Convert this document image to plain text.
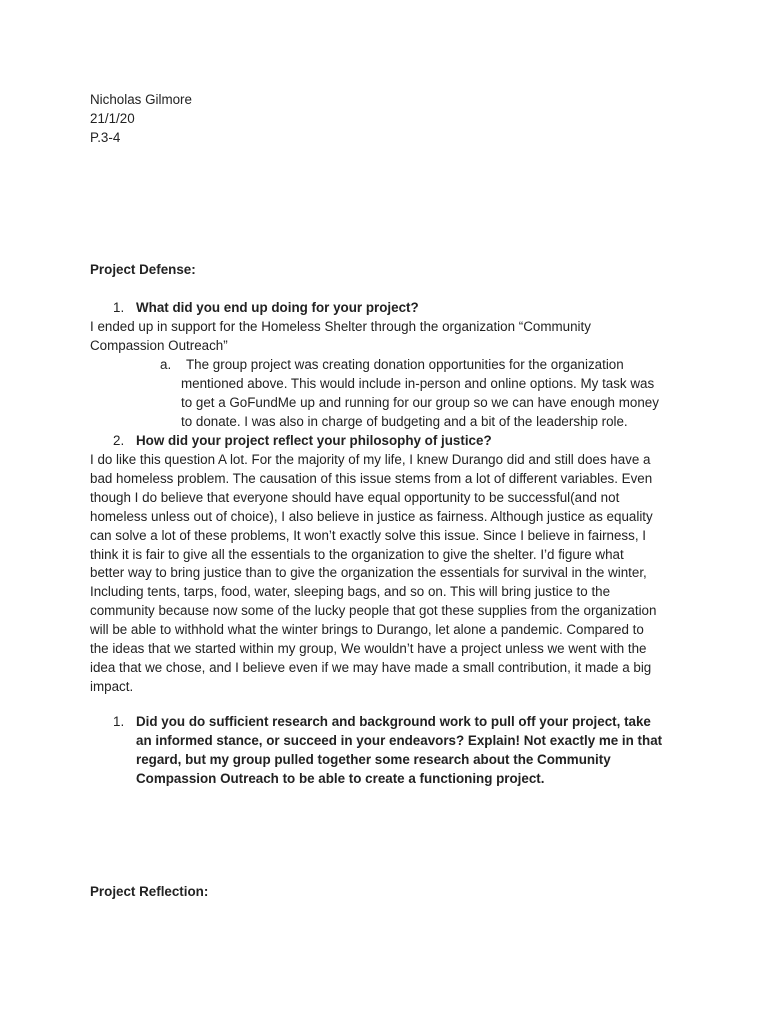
Nicholas Gilmore
21/1/20
P.3-4
Project Defense:
1. What did you end up doing for your project?
I ended up in support for the Homeless Shelter through the organization “Community
Compassion Outreach”
a.	The group project was creating donation opportunities for the organization
mentioned above. This would include in-person and online options. My task was
to get a GoFundMe up and running for our group so we can have enough money
to donate. I was also in charge of budgeting and a bit of the leadership role.
2. How did your project reflect your philosophy of justice?
I do like this question A lot. For the majority of my life, I knew Durango did and still does have a
bad homeless problem. The causation of this issue stems from a lot of different variables. Even
though I do believe that everyone should have equal opportunity to be successful(and not
homeless unless out of choice), I also believe in justice as fairness. Although justice as equality
can solve a lot of these problems, It won’t exactly solve this issue. Since I believe in fairness, I
think it is fair to give all the essentials to the organization to give the shelter. I’d figure what
better way to bring justice than to give the organization the essentials for survival in the winter,
Including tents, tarps, food, water, sleeping bags, and so on. This will bring justice to the
community because now some of the lucky people that got these supplies from the organization
will be able to withhold what the winter brings to Durango, let alone a pandemic. Compared to
the ideas that we started within my group, We wouldn’t have a project unless we went with the
idea that we chose, and I believe even if we may have made a small contribution, it made a big
impact.
1. Did you do sufficient research and background work to pull off your project, take
an informed stance, or succeed in your endeavors? Explain! Not exactly me in that
regard, but my group pulled together some research about the Community
Compassion Outreach to be able to create a functioning project.
Project Reflection:
